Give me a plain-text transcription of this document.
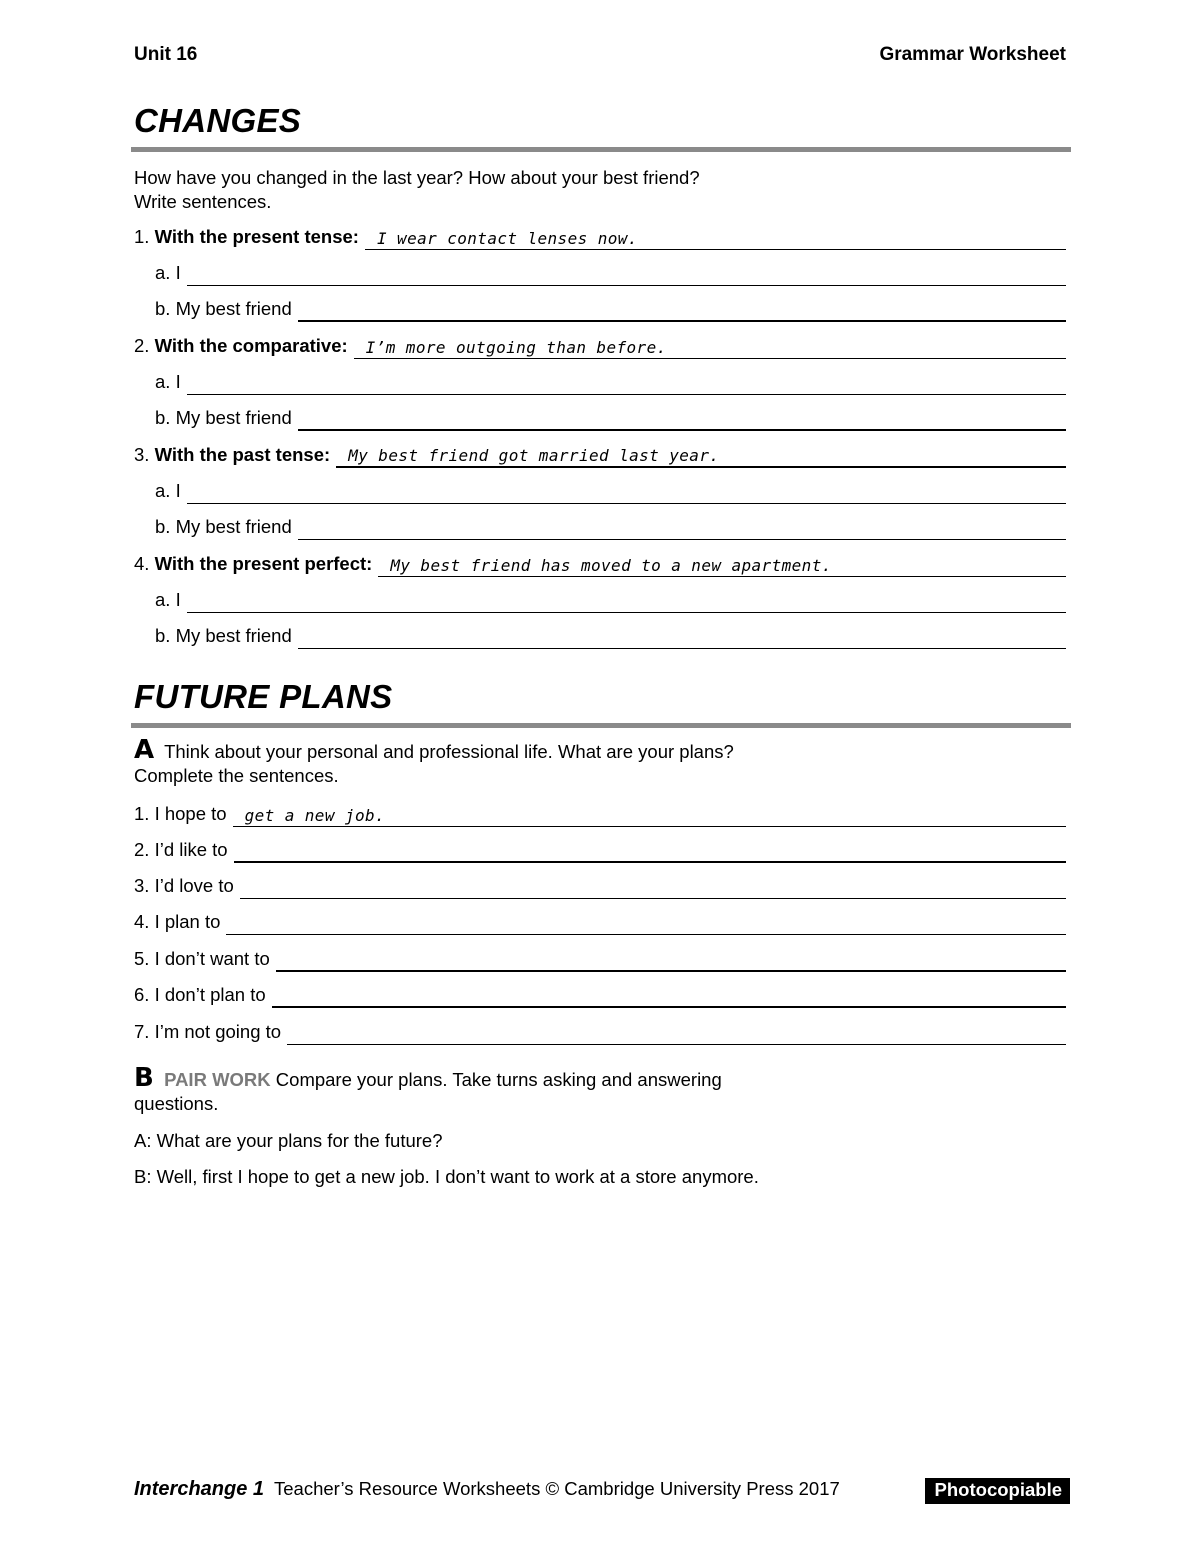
Unit 16	Grammar Worksheet
CHANGES
How have you changed in the last year? How about your best friend?
Write sentences.
1. With the present tense: I wear contact lenses now.
a. I
b. My best friend
2. With the comparative: I’m more outgoing than before.
a. I
b. My best friend
3. With the past tense: My best friend got married last year.
a. I
b. My best friend
4. With the present perfect: My best friend has moved to a new apartment.
a. I
b. My best friend
FUTURE PLANS
A Think about your personal and professional life. What are your plans?
Complete the sentences.
1. I hope to get a new job.
2. I’d like to
3. I’d love to
4. I plan to
5. I don’t want to
6. I don’t plan to
7. I’m not going to
B PAIR WORK Compare your plans. Take turns asking and answering
questions.
A: What are your plans for the future?
B: Well, first I hope to get a new job. I don’t want to work at a store anymore.
Interchange 1 Teacher’s Resource Worksheets © Cambridge University Press 2017	Photocopiable
